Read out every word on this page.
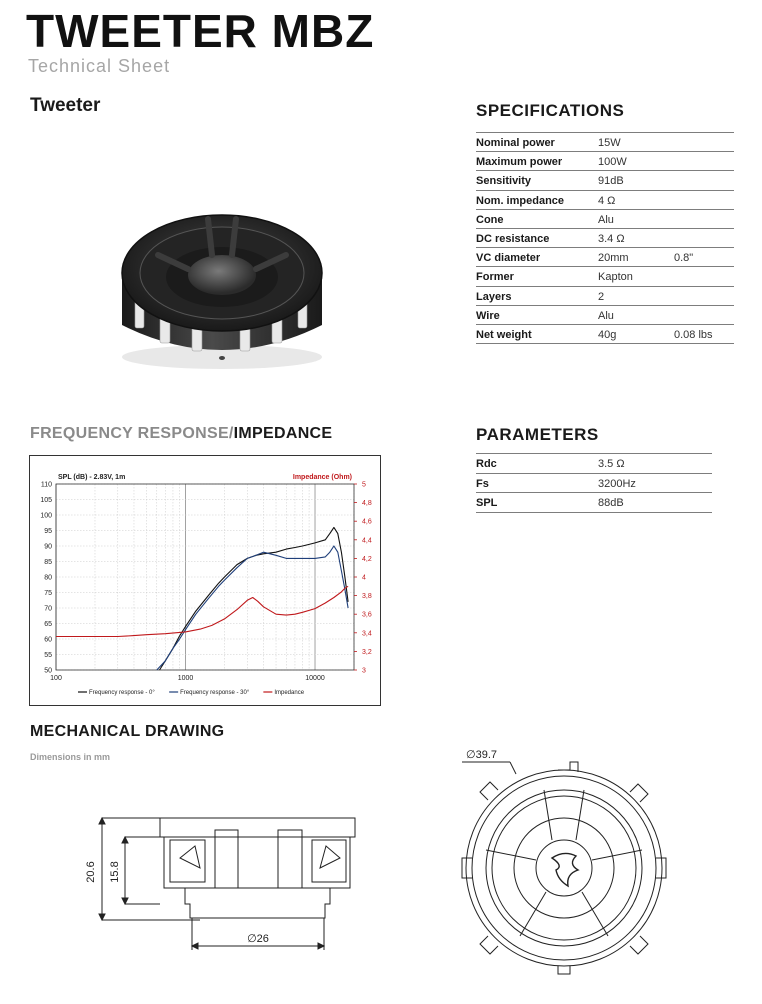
TWEETER MBZ
Technical Sheet
Tweeter	SPECIFICATIONS
Nominal power	15W	
Maximum power	100W	
Sensitivity	91dB	
Nom. impedance	4 Ω	
Cone	Alu	
DC resistance	3.4 Ω	
VC diameter	20mm	0.8"
Former	Kapton	
Layers	2	
Wire	Alu	
Net weight	40g	0.08 lbs
PARAMETERS
Rdc	3.5 Ω
Fs	3200Hz
SPL	88dB
FREQUENCY RESPONSE/IMPEDANCE
110
105
100
95
90
85
80
75
70
65
60
55
50
5
4,8
4,6
4,4
4,2
4
3,8
3,6
3,4
3,2
3
100	1000	10000
SPL (dB) - 2.83V, 1m	Impedance (Ohm)
Frequency response - 0°	Frequency response - 30°	Impedance
MECHANICAL DRAWING
Dimensions in mm
20.6 15.8
∅26
∅39.7
